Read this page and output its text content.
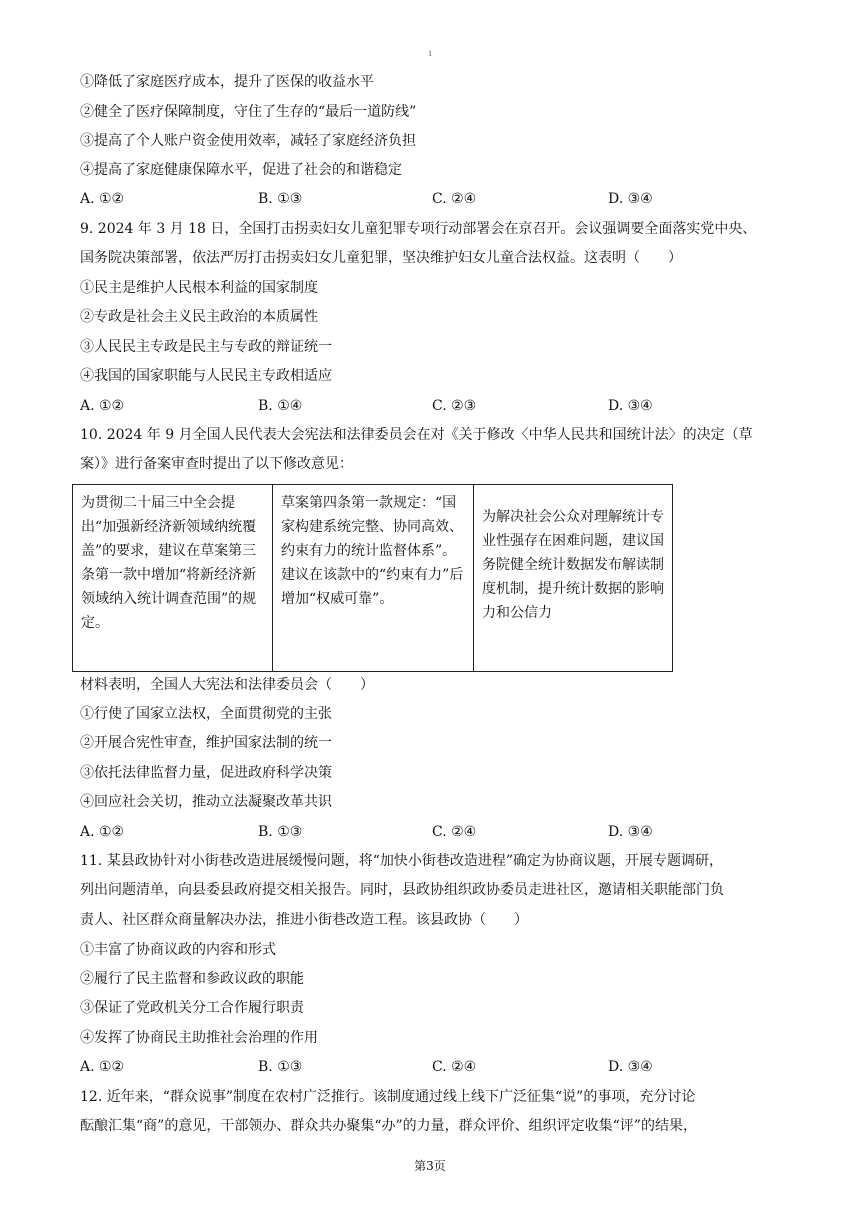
1
①降低了家庭医疗成本，提升了医保的收益水平
②健全了医疗保障制度，守住了生存的“最后一道防线”
③提高了个人账户资金使用效率，减轻了家庭经济负担
④提高了家庭健康保障水平，促进了社会的和谐稳定
A. ①②	B. ①③	C. ②④	D. ③④
9. 2024 年 3 月 18 日，全国打击拐卖妇女儿童犯罪专项行动部署会在京召开。会议强调要全面落实党中央、
国务院决策部署，依法严厉打击拐卖妇女儿童犯罪，坚决维护妇女儿童合法权益。这表明（　　）
①民主是维护人民根本利益的国家制度
②专政是社会主义民主政治的本质属性
③人民民主专政是民主与专政的辩证统一
④我国的国家职能与人民民主专政相适应
A. ①②	B. ①④	C. ②③	D. ③④
10. 2024 年 9 月全国人民代表大会宪法和法律委员会在对《关于修改〈中华人民共和国统计法〉的决定（草
案）》进行备案审查时提出了以下修改意见：
为贯彻二十届三中全会提出“加强新经济新领域纳统覆盖”的要求，建议在草案第三条第一款中增加“将新经济新领域纳入统计调查范围”的规定。
草案第四条第一款规定：“国家构建系统完整、协同高效、约束有力的统计监督体系”。建议在该款中的“约束有力”后增加“权威可靠”。
为解决社会公众对理解统计专业性强存在困难问题，建议国务院健全统计数据发布解读制度机制，提升统计数据的影响力和公信力
材料表明，全国人大宪法和法律委员会（　　）
①行使了国家立法权，全面贯彻党的主张
②开展合宪性审查，维护国家法制的统一
③依托法律监督力量，促进政府科学决策
④回应社会关切，推动立法凝聚改革共识
A. ①②	B. ①③	C. ②④	D. ③④
11. 某县政协针对小街巷改造进展缓慢问题，将“加快小街巷改造进程”确定为协商议题，开展专题调研，
列出问题清单，向县委县政府提交相关报告。同时，县政协组织政协委员走进社区，邀请相关职能部门负
责人、社区群众商量解决办法，推进小街巷改造工程。该县政协（　　）
①丰富了协商议政的内容和形式
②履行了民主监督和参政议政的职能
③保证了党政机关分工合作履行职责
④发挥了协商民主助推社会治理的作用
A. ①②	B. ①③	C. ②④	D. ③④
12. 近年来，“群众说事”制度在农村广泛推行。该制度通过线上线下广泛征集“说”的事项，充分讨论
酝酿汇集“商”的意见，干部领办、群众共办聚集“办”的力量，群众评价、组织评定收集“评”的结果，
第3页
